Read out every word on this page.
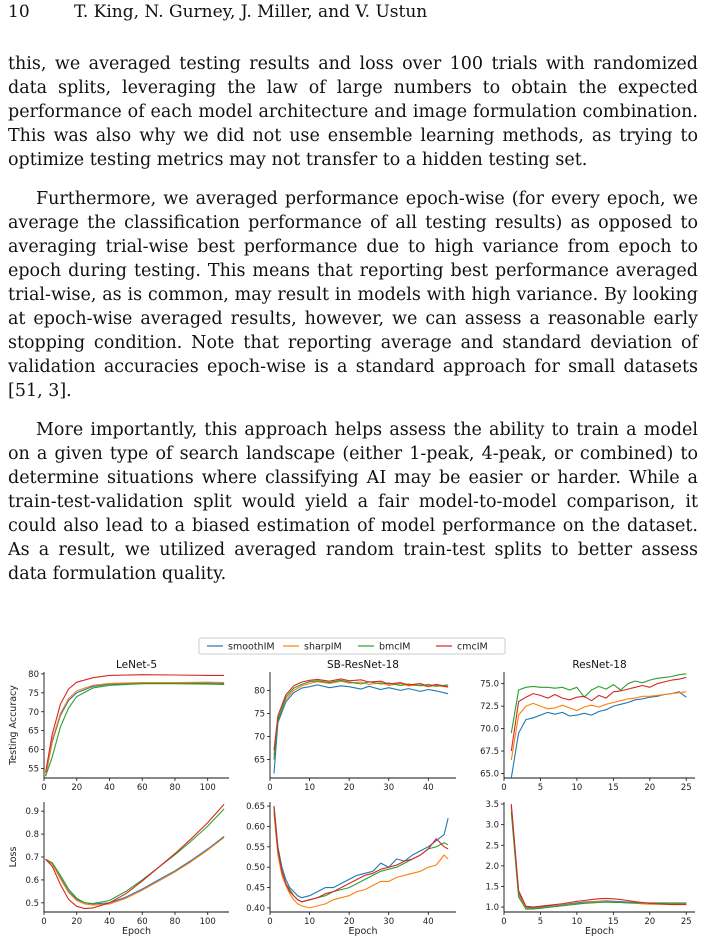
10	T. King, N. Gurney, J. Miller, and V. Ustun

this, we averaged testing results and loss over 100 trials with randomized data splits, leveraging the law of large numbers to obtain the expected performance of each model architecture and image formulation combination. This was also why we did not use ensemble learning methods, as trying to optimize testing metrics may not transfer to a hidden testing set.

Furthermore, we averaged performance epoch-wise (for every epoch, we average the classification performance of all testing results) as opposed to averaging trial-wise best performance due to high variance from epoch to epoch during testing. This means that reporting best performance averaged trial-wise, as is common, may result in models with high variance. By looking at epoch-wise averaged results, however, we can assess a reasonable early stopping condition. Note that reporting average and standard deviation of validation accuracies epoch-wise is a standard approach for small datasets [51, 3].

More importantly, this approach helps assess the ability to train a model on a given type of search landscape (either 1-peak, 4-peak, or combined) to determine situations where classifying AI may be easier or harder. While a train-test-validation split would yield a fair model-to-model comparison, it could also lead to a biased estimation of model performance on the dataset. As a result, we utilized averaged random train-test splits to better assess data formulation quality.

smoothIM	sharpIM	bmcIM	cmcIM
Testing Accuracy
Loss
LeNet-5
0	20	40	60	80 100
55
60
65
70
75
80
SB-ResNet-18
0	10	20	30	40
65
70
75
80
ResNet-18
0	5	10	15	20	25
65.0
67.5
70.0
72.5
75.0
0	20	40	60	80 100
0.5
0.6
0.7
0.8
0.9
Epoch
0	10	20	30	40
0.40
0.45
0.50
0.55
0.60
0.65
Epoch
0	5	10	15	20	25
1.0
1.5
2.0
2.5
3.0
3.5
Epoch
